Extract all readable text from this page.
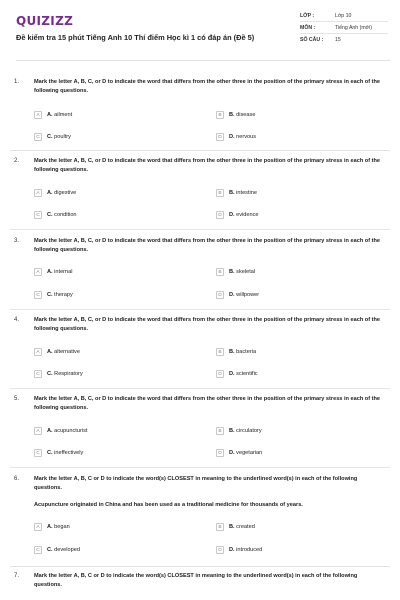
QUIZIZZ
Đề kiểm tra 15 phút Tiếng Anh 10 Thí điểm Học kì 1 có đáp án (Đề 5)
LỚP :	Lớp 10
MÔN :	Tiếng Anh (mới)
SỐ CÂU :	15
1.	Mark the letter A, B, C, or D to indicate the word that differs from the other three in the position of the primary stress in each of the following questions.
A	A. ailment	B	B. disease
C	C. poultry	D	D. nervous
2.	Mark the letter A, B, C, or D to indicate the word that differs from the other three in the position of the primary stress in each of the following questions.
A	A. digestive	B	B. intestine
C	C. condition	D	D. evidence
3.	Mark the letter A, B, C, or D to indicate the word that differs from the other three in the position of the primary stress in each of the following questions.
A	A. internal	B	B. skeletal
C	C. therapy	D	D. willpower
4.	Mark the letter A, B, C, or D to indicate the word that differs from the other three in the position of the primary stress in each of the following questions.
A	A. alternative	B	B. bacteria
C	C. Respiratory	D	D. scientific
5.	Mark the letter A, B, C, or D to indicate the word that differs from the other three in the position of the primary stress in each of the following questions.
A	A. acupuncturist	B	B. circulatory
C	C. ineffectively	D	D. vegetarian
6.	Mark the letter A, B, C or D to indicate the word(s) CLOSEST in meaning to the underlined word(s) in each of the following questions.
Acupuncture originated in China and has been used as a traditional medicine for thousands of years.
A	A. began	B	B. created
C	C. developed	D	D. introduced
7.	Mark the letter A, B, C or D to indicate the word(s) CLOSEST in meaning to the underlined word(s) in each of the following questions.
